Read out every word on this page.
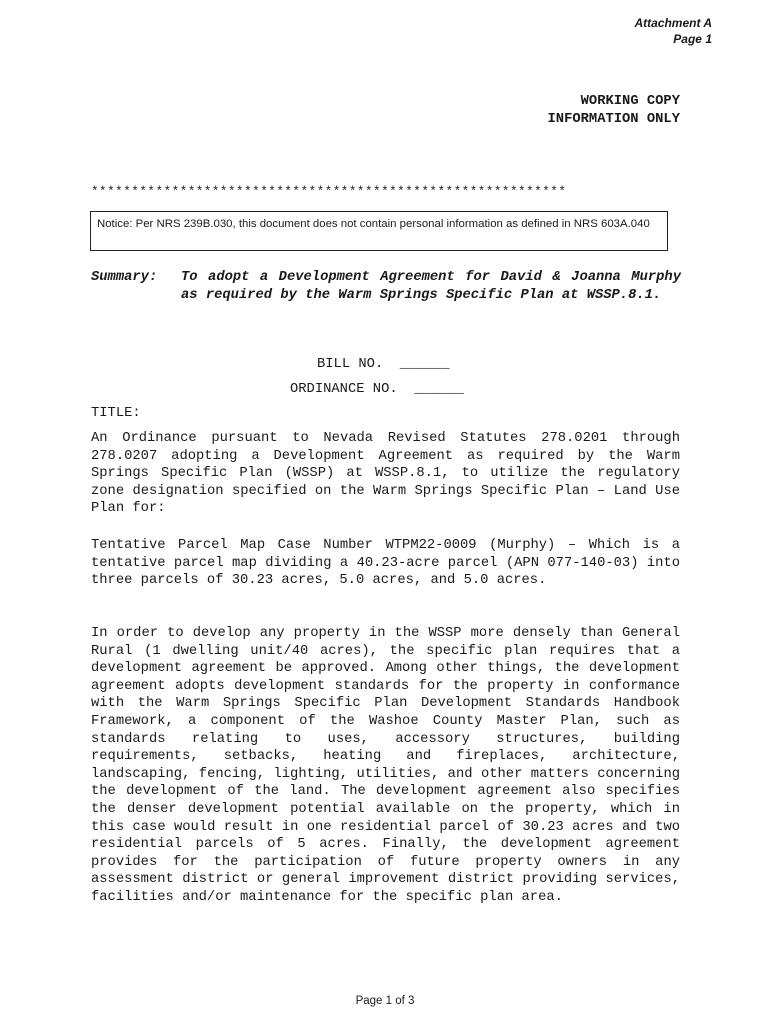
Attachment A
Page 1
WORKING COPY
INFORMATION ONLY
***********************************************************
Notice: Per NRS 239B.030, this document does not contain personal information as defined in NRS 603A.040
Summary: To adopt a Development Agreement for David & Joanna Murphy as required by the Warm Springs Specific Plan at WSSP.8.1.
BILL NO.  ______
ORDINANCE NO.  ______
TITLE:

An Ordinance pursuant to Nevada Revised Statutes 278.0201 through 278.0207 adopting a Development Agreement as required by the Warm Springs Specific Plan (WSSP) at WSSP.8.1, to utilize the regulatory zone designation specified on the Warm Springs Specific Plan – Land Use Plan for:

Tentative Parcel Map Case Number WTPM22-0009 (Murphy) – Which is a tentative parcel map dividing a 40.23-acre parcel (APN 077-140-03) into three parcels of 30.23 acres, 5.0 acres, and 5.0 acres.

In order to develop any property in the WSSP more densely than General Rural (1 dwelling unit/40 acres), the specific plan requires that a development agreement be approved. Among other things, the development agreement adopts development standards for the property in conformance with the Warm Springs Specific Plan Development Standards Handbook Framework, a component of the Washoe County Master Plan, such as standards relating to uses, accessory structures, building requirements, setbacks, heating and fireplaces, architecture, landscaping, fencing, lighting, utilities, and other matters concerning the development of the land. The development agreement also specifies the denser development potential available on the property, which in this case would result in one residential parcel of 30.23 acres and two residential parcels of 5 acres. Finally, the development agreement provides for the participation of future property owners in any assessment district or general improvement district providing services, facilities and/or maintenance for the specific plan area.

Page 1 of 3
